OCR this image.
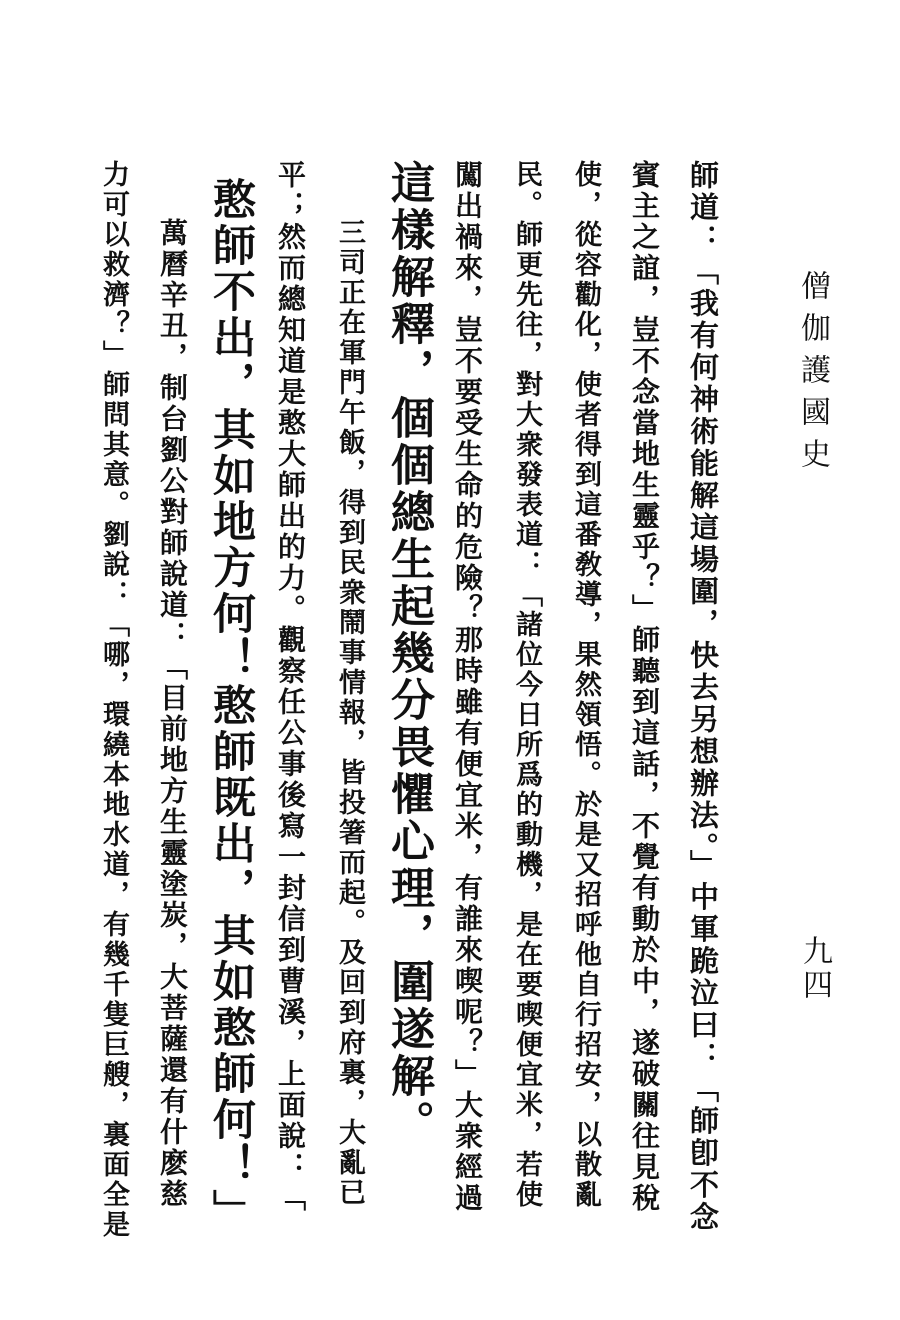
僧伽護國史
九四
師道：「我有何神術能解這場圍，快去另想辦法。」中軍跪泣曰：「師卽不念
賓主之誼，豈不念當地生靈乎？」師聽到這話，不覺有動於中，遂破關往見稅
使，從容勸化，使者得到這番敎導，果然領悟。於是又招呼他自行招安，以散亂
民。師更先往，對大衆發表道：「諸位今日所爲的動機，是在要喫便宜米，若使
闖出禍來，豈不要受生命的危險？那時雖有便宜米，有誰來喫呢？」大衆經過
這樣解釋，個個總生起幾分畏懼心理，圍遂解。
三司正在軍門午飯，得到民衆鬧事情報，皆投箸而起。及回到府裏，大亂已
平；然而總知道是憨大師出的力。觀察任公事後寫一封信到曹溪，上面說：「
憨師不出，其如地方何！憨師既出，其如憨師何！」
萬曆辛丑，制台劉公對師說道：「目前地方生靈塗炭，大菩薩還有什麽慈
力可以救濟？」師問其意。劉說：「哪，環繞本地水道，有幾千隻巨艘，裏面全是
